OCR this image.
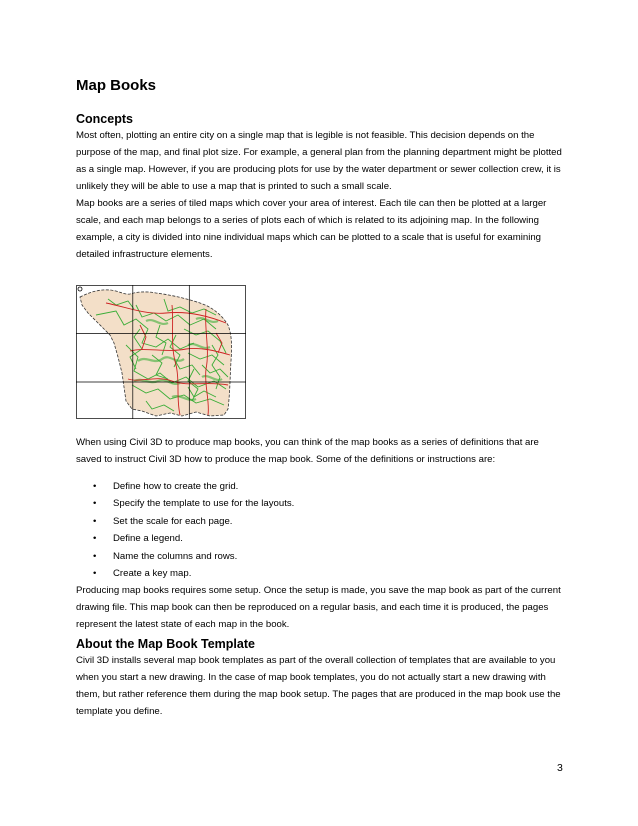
Map Books
Concepts

Most often, plotting an entire city on a single map that is legible is not feasible. This decision depends on the purpose of the map, and final plot size. For example, a general plan from the planning department might be plotted as a single map. However, if you are producing plots for use by the water department or sewer collection crew, it is unlikely they will be able to use a map that is printed to such a small scale.

Map books are a series of tiled maps which cover your area of interest. Each tile can then be plotted at a larger scale, and each map belongs to a series of plots each of which is related to its adjoining map. In the following example, a city is divided into nine individual maps which can be plotted to a scale that is useful for examining detailed infrastructure elements.

When using Civil 3D to produce map books, you can think of the map books as a series of definitions that are saved to instruct Civil 3D how to produce the map book. Some of the definitions or instructions are:

• Define how to create the grid.
• Specify the template to use for the layouts.
• Set the scale for each page.
• Define a legend.
• Name the columns and rows.
• Create a key map.

Producing map books requires some setup. Once the setup is made, you save the map book as part of the current drawing file. This map book can then be reproduced on a regular basis, and each time it is produced, the pages represent the latest state of each map in the book.

About the Map Book Template

Civil 3D installs several map book templates as part of the overall collection of templates that are available to you when you start a new drawing. In the case of map book templates, you do not actually start a new drawing with them, but rather reference them during the map book setup. The pages that are produced in the map book use the template you define.

3
